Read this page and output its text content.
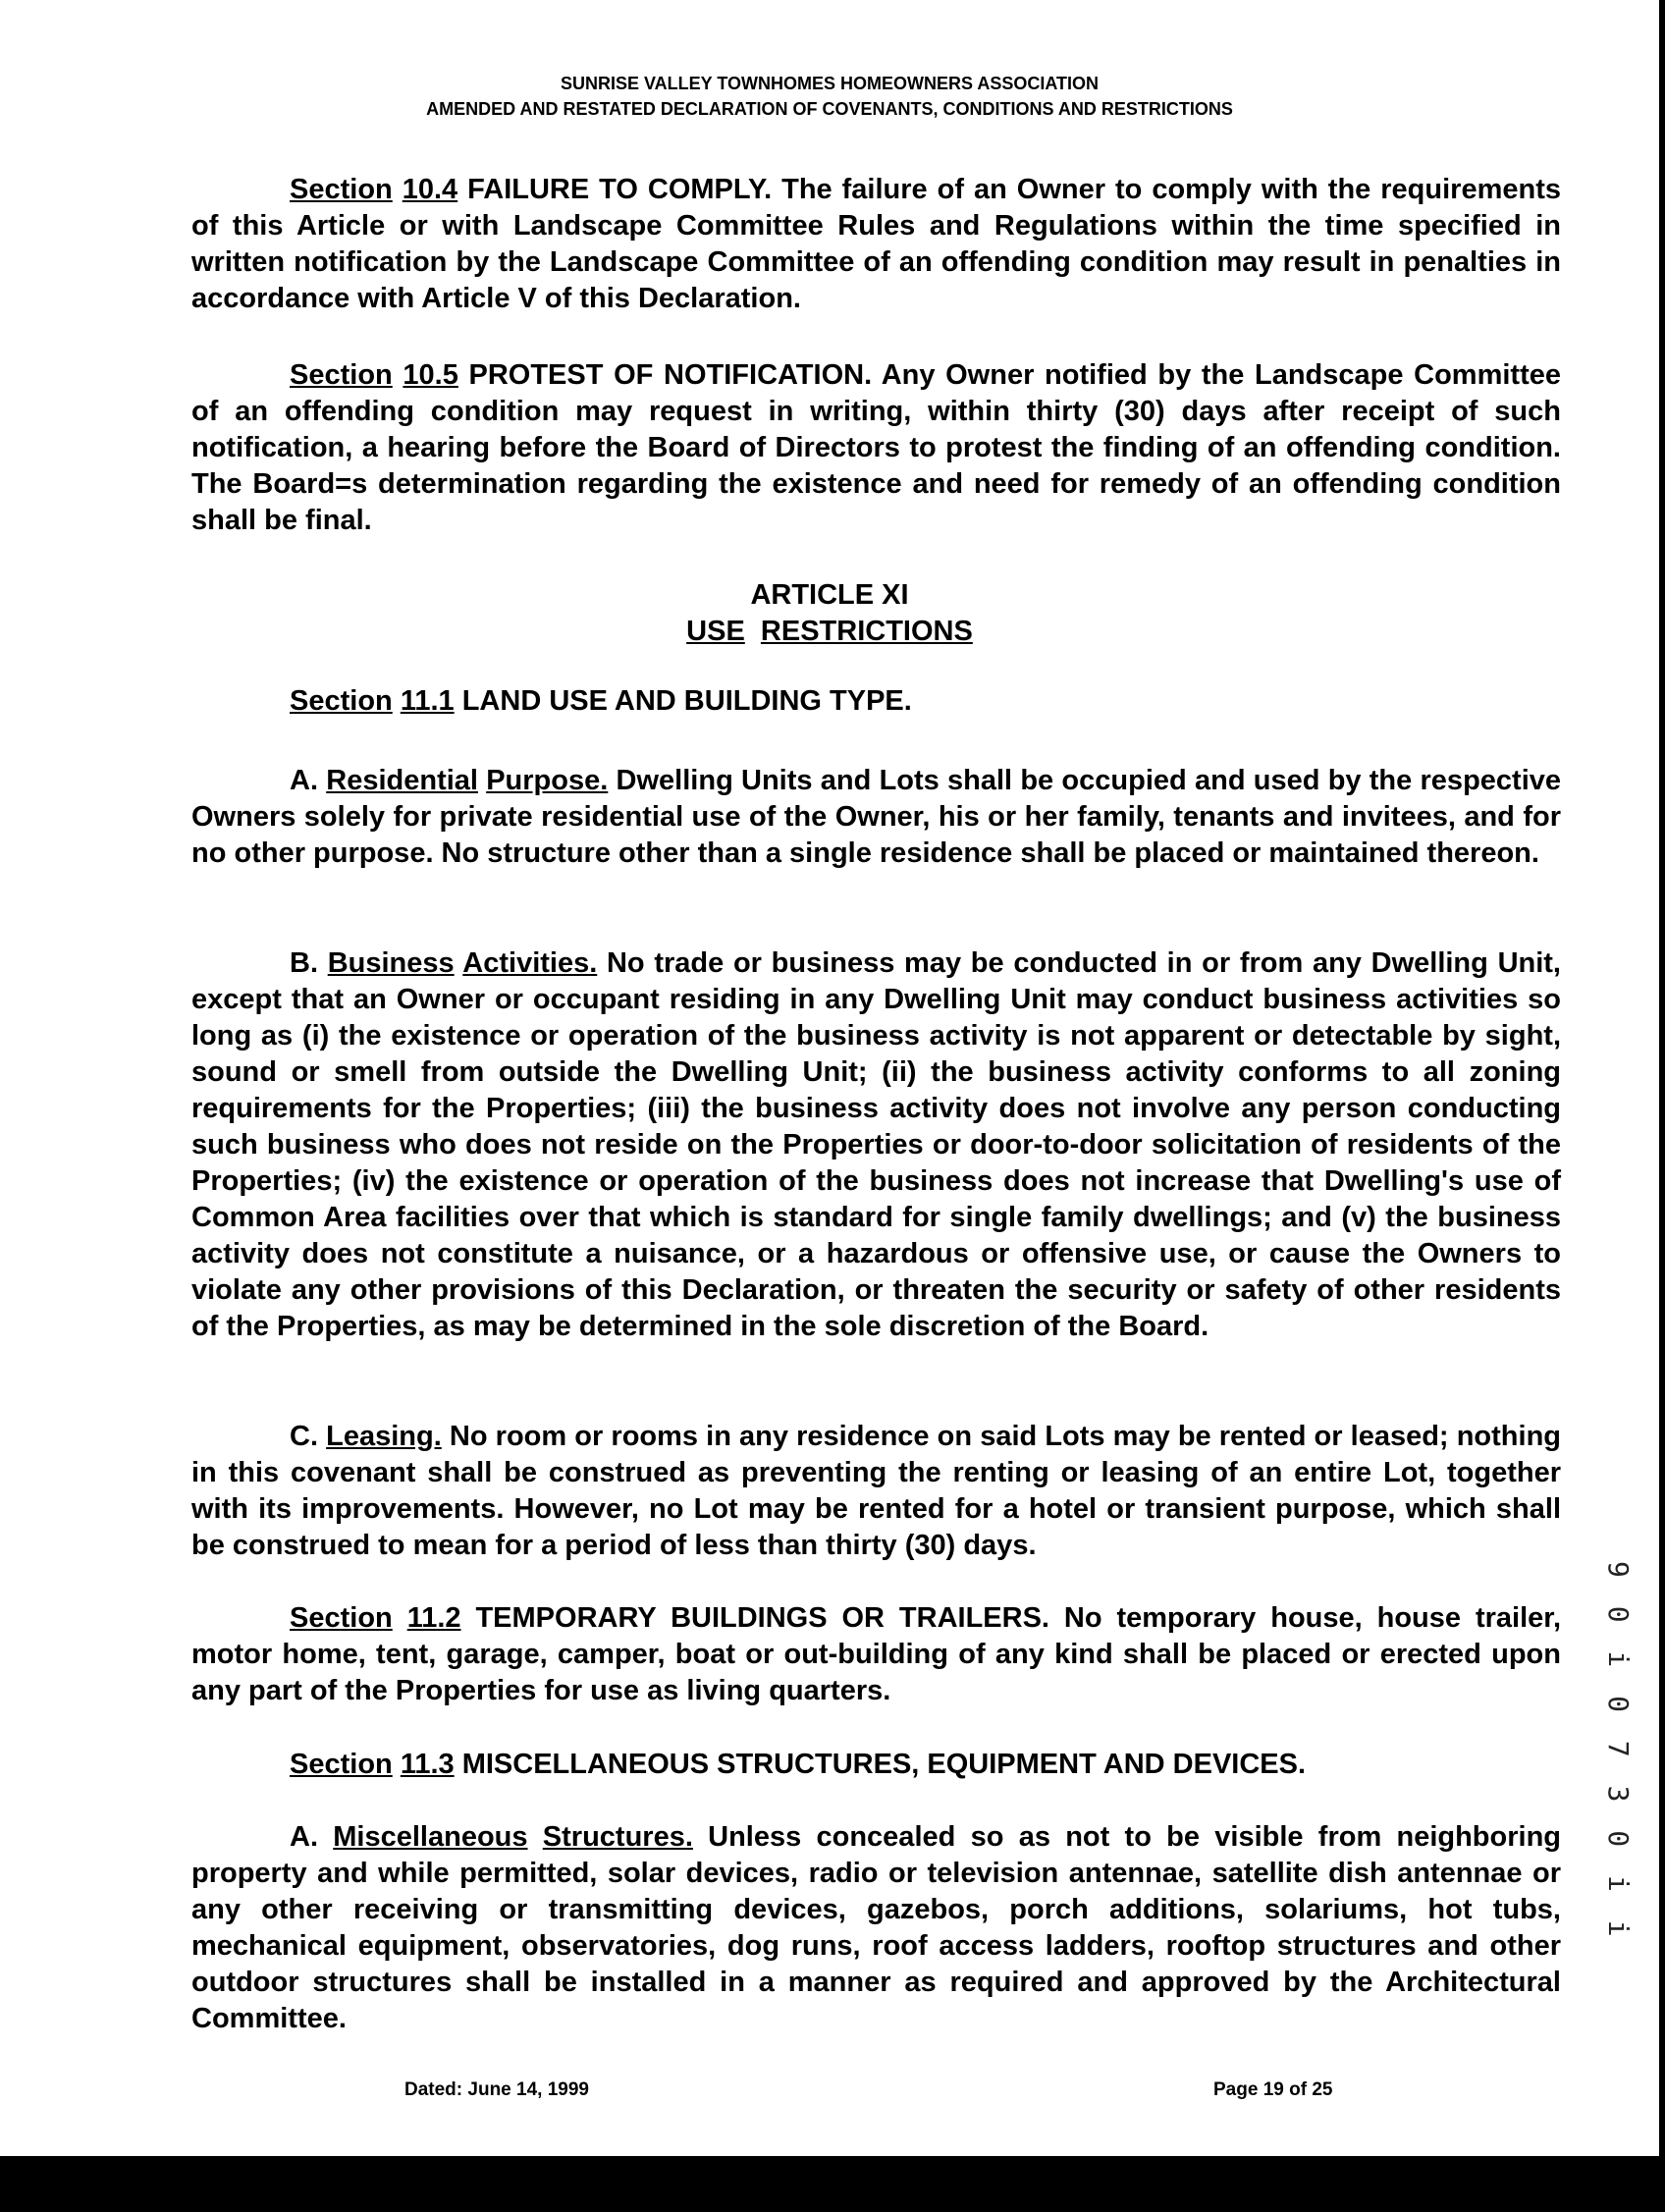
SUNRISE VALLEY TOWNHOMES HOMEOWNERS ASSOCIATION
AMENDED AND RESTATED DECLARATION OF COVENANTS, CONDITIONS AND RESTRICTIONS

Section 10.4 FAILURE TO COMPLY. The failure of an Owner to comply with the requirements of this Article or with Landscape Committee Rules and Regulations within the time specified in written notification by the Landscape Committee of an offending condition may result in penalties in accordance with Article V of this Declaration.

Section 10.5 PROTEST OF NOTIFICATION. Any Owner notified by the Landscape Committee of an offending condition may request in writing, within thirty (30) days after receipt of such notification, a hearing before the Board of Directors to protest the finding of an offending condition. The Board=s determination regarding the existence and need for remedy of an offending condition shall be final.

ARTICLE XI
USE RESTRICTIONS
Section 11.1 LAND USE AND BUILDING TYPE.

A. Residential Purpose. Dwelling Units and Lots shall be occupied and used by the respective Owners solely for private residential use of the Owner, his or her family, tenants and invitees, and for no other purpose. No structure other than a single residence shall be placed or maintained thereon.

B. Business Activities. No trade or business may be conducted in or from any Dwelling Unit, except that an Owner or occupant residing in any Dwelling Unit may conduct business activities so long as (i) the existence or operation of the business activity is not apparent or detectable by sight, sound or smell from outside the Dwelling Unit; (ii) the business activity conforms to all zoning requirements for the Properties; (iii) the business activity does not involve any person conducting such business who does not reside on the Properties or door-to-door solicitation of residents of the Properties; (iv) the existence or operation of the business does not increase that Dwelling's use of Common Area facilities over that which is standard for single family dwellings; and (v) the business activity does not constitute a nuisance, or a hazardous or offensive use, or cause the Owners to violate any other provisions of this Declaration, or threaten the security or safety of other residents of the Properties, as may be determined in the sole discretion of the Board.

C. Leasing. No room or rooms in any residence on said Lots may be rented or leased; nothing in this covenant shall be construed as preventing the renting or leasing of an entire Lot, together with its improvements. However, no Lot may be rented for a hotel or transient purpose, which shall be construed to mean for a period of less than thirty (30) days.

Section 11.2 TEMPORARY BUILDINGS OR TRAILERS. No temporary house, house trailer, motor home, tent, garage, camper, boat or out-building of any kind shall be placed or erected upon any part of the Properties for use as living quarters.

Section 11.3 MISCELLANEOUS STRUCTURES, EQUIPMENT AND DEVICES.

A. Miscellaneous Structures. Unless concealed so as not to be visible from neighboring property and while permitted, solar devices, radio or television antennae, satellite dish antennae or any other receiving or transmitting devices, gazebos, porch additions, solariums, hot tubs, mechanical equipment, observatories, dog runs, roof access ladders, rooftop structures and other outdoor structures shall be installed in a manner as required and approved by the Architectural Committee.

Dated: June 14, 1999	Page 19 of 25
9 0 i 0 7 3 0 i i
